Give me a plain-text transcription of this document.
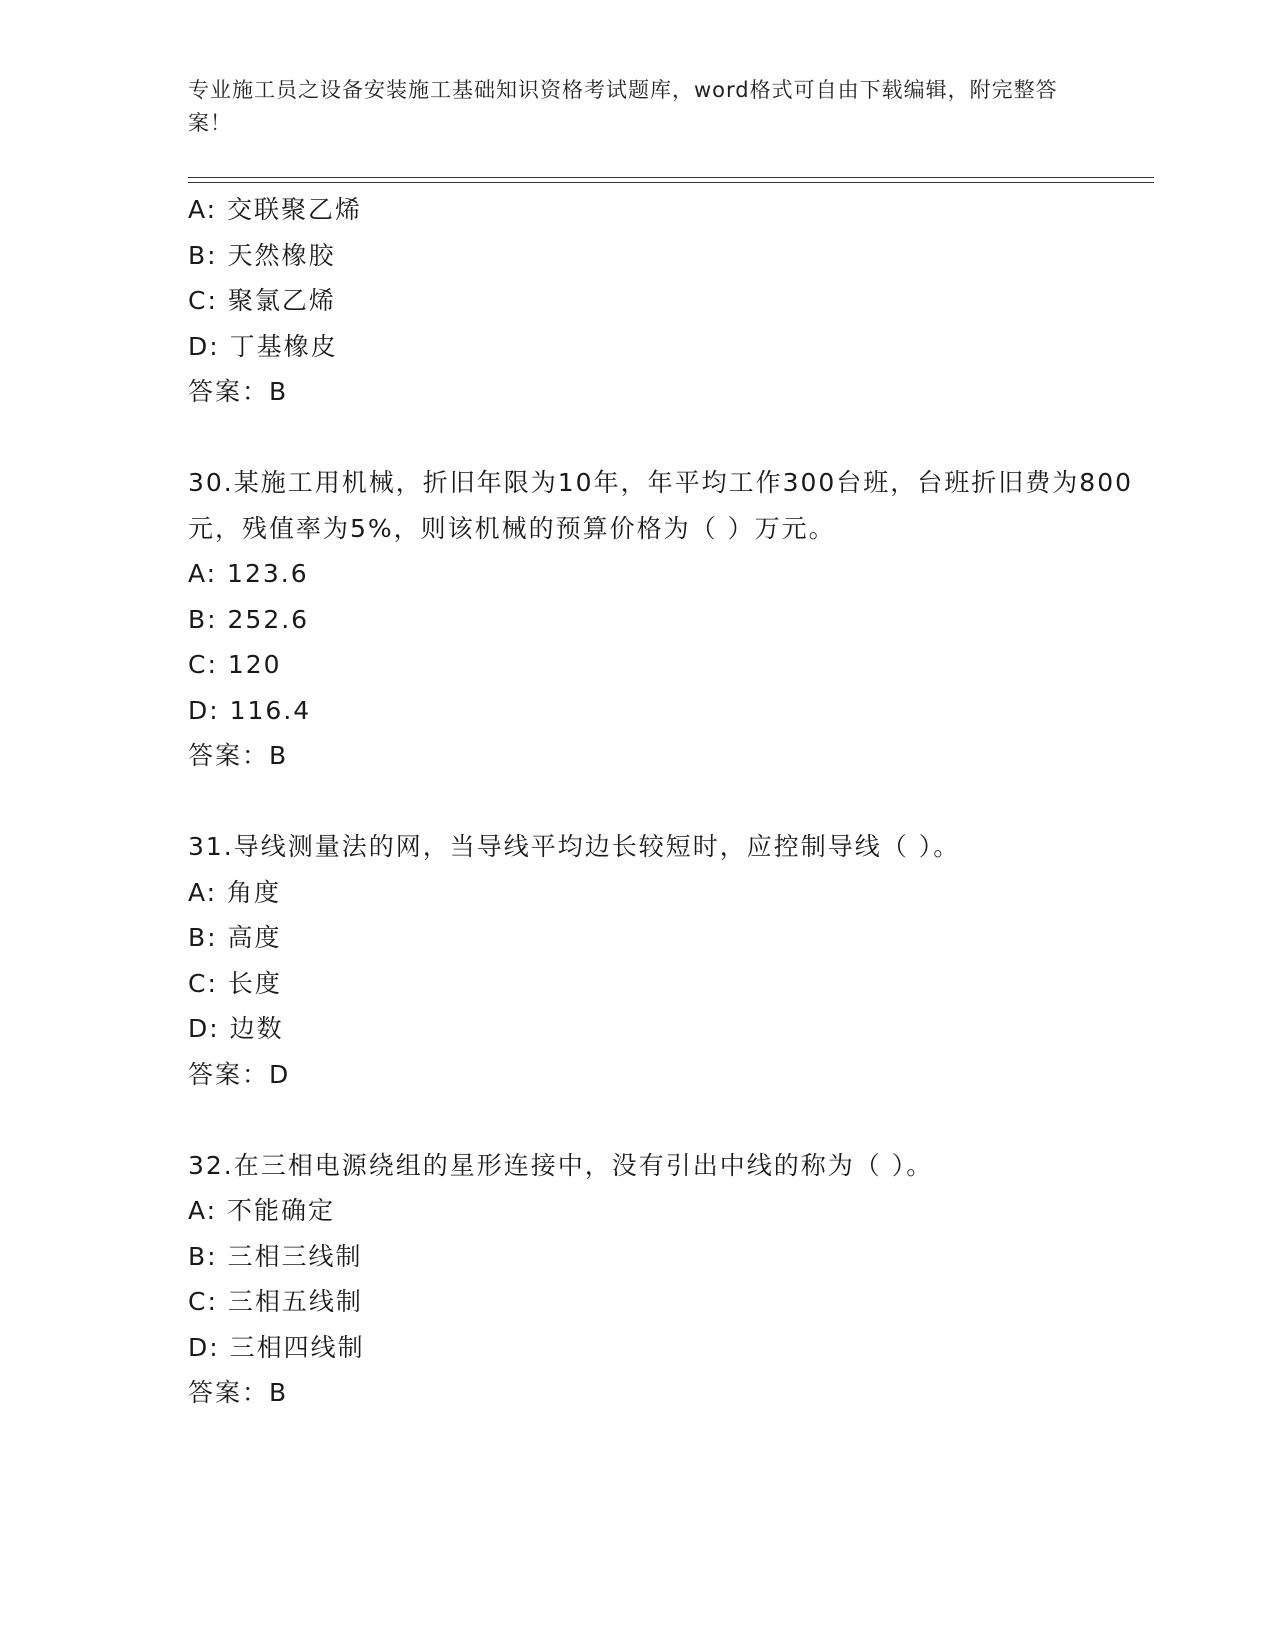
专业施工员之设备安装施工基础知识资格考试题库，word格式可自由下载编辑，附完整答案！
A: 交联聚乙烯
B: 天然橡胶
C: 聚氯乙烯
D: 丁基橡皮
答案：B
30.某施工用机械，折旧年限为10年，年平均工作300台班，台班折旧费为800元，残值率为5%，则该机械的预算价格为（ ）万元。
A: 123.6
B: 252.6
C: 120
D: 116.4
答案：B
31.导线测量法的网，当导线平均边长较短时，应控制导线（ ）。
A: 角度
B: 高度
C: 长度
D: 边数
答案：D
32.在三相电源绕组的星形连接中，没有引出中线的称为（ ）。
A: 不能确定
B: 三相三线制
C: 三相五线制
D: 三相四线制
答案：B
